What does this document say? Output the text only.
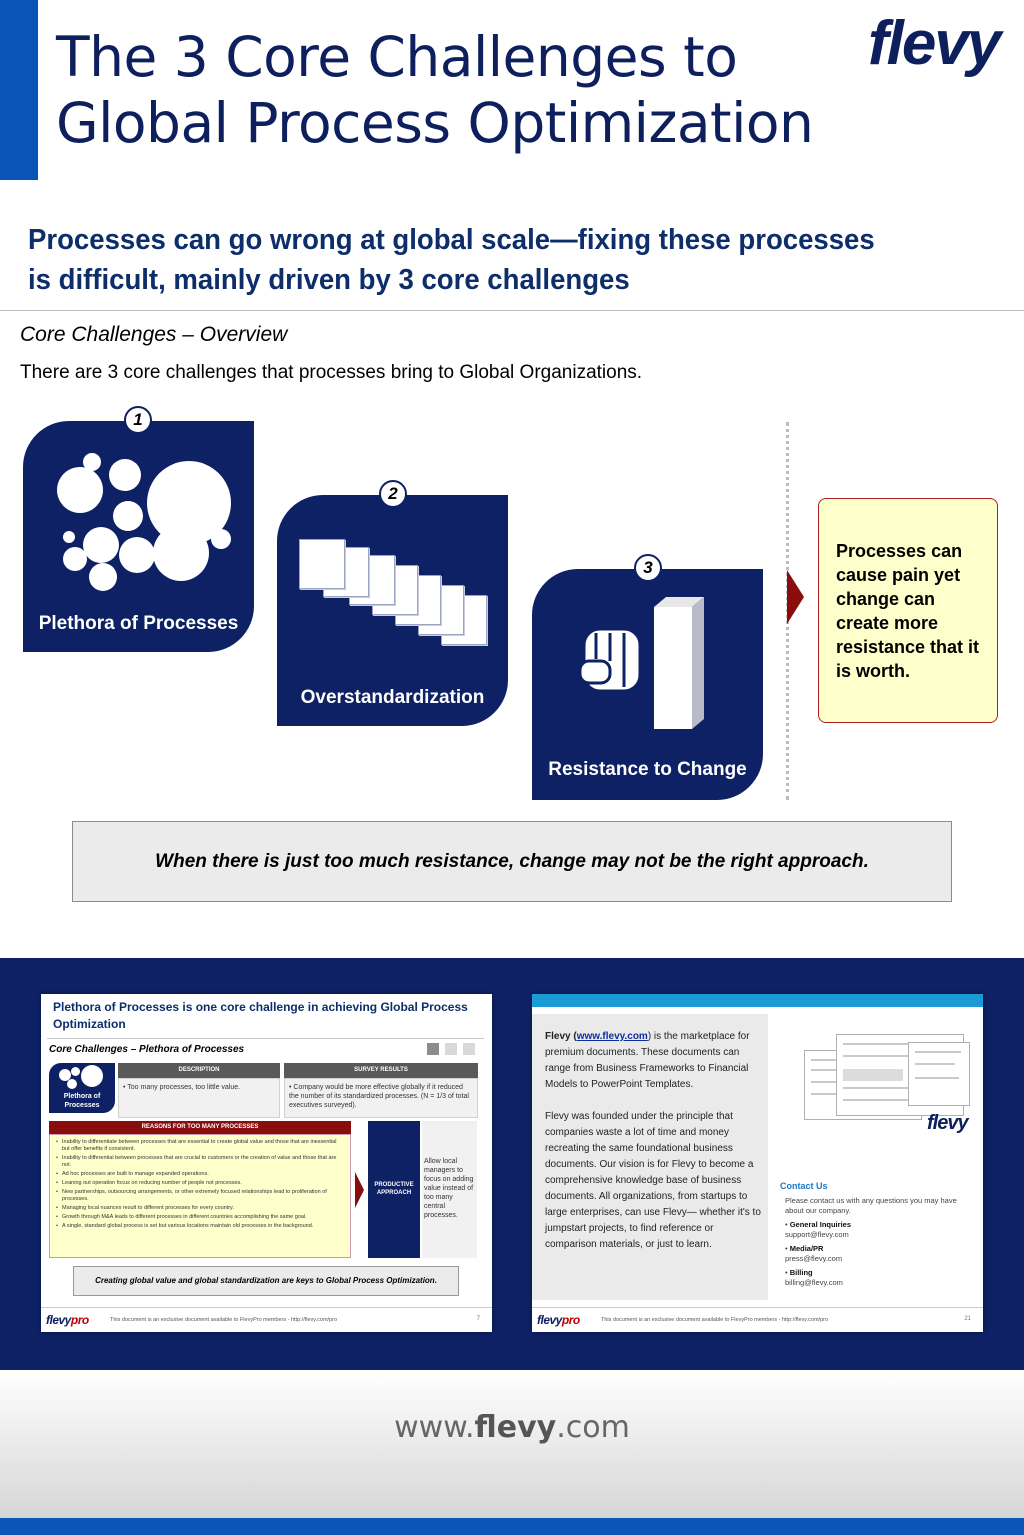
The 3 Core Challenges to Global Process Optimization
flevy
Processes can go wrong at global scale—fixing these processes is difficult, mainly driven by 3 core challenges
Core Challenges – Overview
There are 3 core challenges that processes bring to Global Organizations.
Plethora of Processes
1
Overstandardization
2
Resistance to Change
3
Processes can cause pain yet change can create more resistance that it is worth.
When there is just too much resistance, change may not be the right approach.
Plethora of Processes is one core challenge in achieving Global Process Optimization
Core Challenges – Plethora of Processes
Plethora of Processes
DESCRIPTION
• Too many processes, too little value.
SURVEY RESULTS
• Company would be more effective globally if it reduced the number of its standardized processes. (N = 1/3 of total executives surveyed).
REASONS FOR TOO MANY PROCESSES
• Inability to differentiate between processes that are essential to create global value and those that are inessential but offer benefits if consistent.
• Inability to differential between processes that are crucial to customers or the creation of value and those that are not.
• Ad hoc processes are built to manage expanded operations.
• Leaning out operation focus on reducing number of people not processes.
• New partnerships, outsourcing arrangements, or other extremely focused relationships lead to proliferation of processes.
• Managing local nuances result to different processes for every country.
• Growth through M&A leads to different processes in different countries accomplishing the same goal.
• A single, standard global process is set but various locations maintain old processes in the background.
PRODUCTIVE APPROACH
Allow local managers to focus on adding value instead of too many central processes.
Creating global value and global standardization are keys to Global Process Optimization.
flevypro	This document is an exclusive document available to FlevyPro members - http://flevy.com/pro	7

Flevy (www.flevy.com) is the marketplace for premium documents. These documents can range from Business Frameworks to Financial Models to PowerPoint Templates.

Flevy was founded under the principle that companies waste a lot of time and money recreating the same foundational business documents. Our vision is for Flevy to become a comprehensive knowledge base of business documents. All organizations, from startups to large enterprises, can use Flevy— whether it's to jumpstart projects, to find reference or comparison materials, or just to learn.

flevy
Contact Us
Please contact us with any questions you may have about our company.
• General Inquiries
support@flevy.com
• Media/PR
press@flevy.com
• Billing
billing@flevy.com
flevypro	This document is an exclusive document available to FlevyPro members - http://flevy.com/pro	21
www.flevy.com
